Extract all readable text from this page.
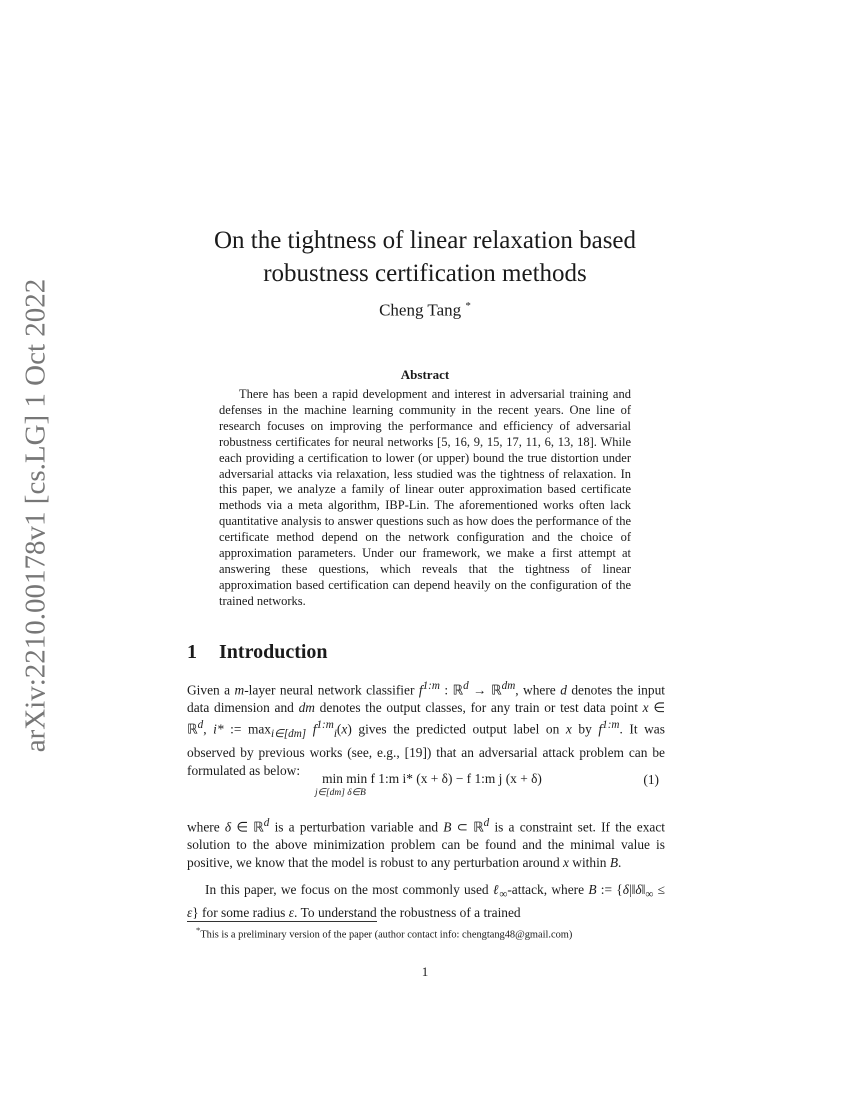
arXiv:2210.00178v1 [cs.LG] 1 Oct 2022
On the tightness of linear relaxation based
robustness certification methods
Cheng Tang *
Abstract

There has been a rapid development and interest in adversarial training and defenses in the machine learning community in the recent years. One line of research focuses on improving the performance and efficiency of adversarial robustness certificates for neural networks [5, 16, 9, 15, 17, 11, 6, 13, 18]. While each providing a certification to lower (or upper) bound the true distortion under adversarial attacks via relaxation, less studied was the tightness of relaxation. In this paper, we analyze a family of linear outer approximation based certificate methods via a meta algorithm, IBP-Lin. The aforementioned works often lack quantitative analysis to answer questions such as how does the performance of the certificate method depend on the network configuration and the choice of approximation parameters. Under our framework, we make a first attempt at answering these questions, which reveals that the tightness of linear approximation based certification can depend heavily on the configuration of the trained networks.

1 Introduction

Given a m-layer neural network classifier $f^{1:m}$ : ℝ$^d$ → ℝ$^{dm}$, where d denotes the input data dimension and dm denotes the output classes, for any train or test data point x ∈ ℝ$^d$, i* := $\max_{i\in[dm]} f^{1:m}_i(x)$ gives the predicted output label on x by $f^{1:m}$. It was observed by previous works (see, e.g., [19]) that an adversarial attack problem can be formulated as below:

min min f 1:m i* (x + δ) − f 1:m j (x + δ)
j∈[dm] δ∈B
(1)

where δ ∈ ℝ$^d$ is a perturbation variable and B ⊂ ℝ$^d$ is a constraint set. If the exact solution to the above minimization problem can be found and the minimal value is positive, we know that the model is robust to any perturbation around x within B.

In this paper, we focus on the most commonly used ℓ$_\infty$-attack, where B := $\{\delta|‖\delta‖_\infty \le \varepsilon\}$ for some radius ε. To understand the robustness of a trained

*This is a preliminary version of the paper (author contact info: chengtang48@gmail.com)
1
